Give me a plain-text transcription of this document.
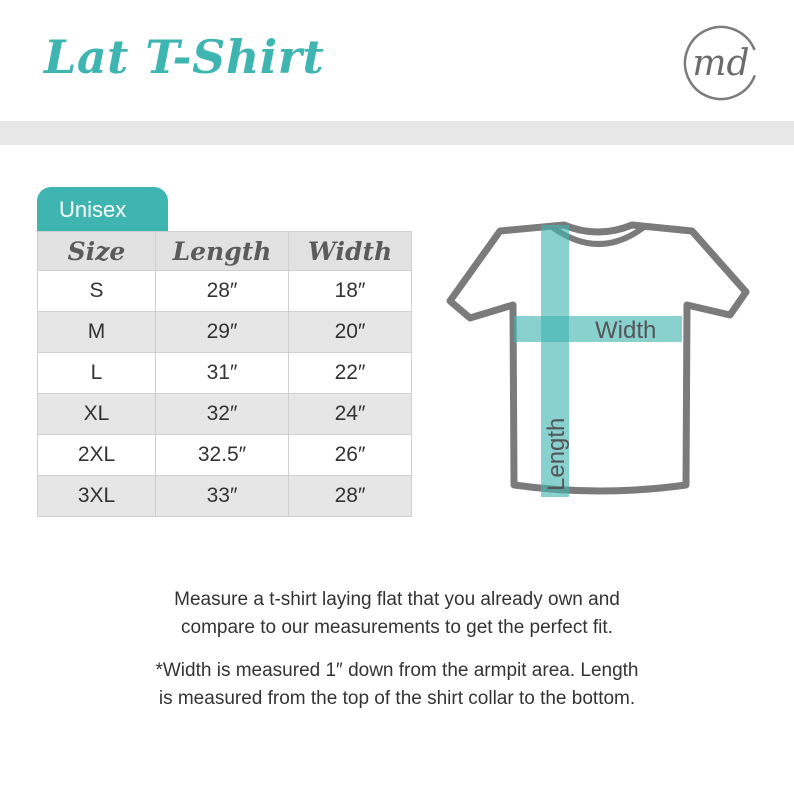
Lat T-Shirt	md
Unisex
Size	Length	Width
S	28″	18″
M	29″	20″
L	31″	22″
XL	32″	24″
2XL	32.5″	26″
3XL	33″	28″
Width
Length
Measure a t-shirt laying flat that you already own and
compare to our measurements to get the perfect fit.
*Width is measured 1″ down from the armpit area. Length
is measured from the top of the shirt collar to the bottom.
